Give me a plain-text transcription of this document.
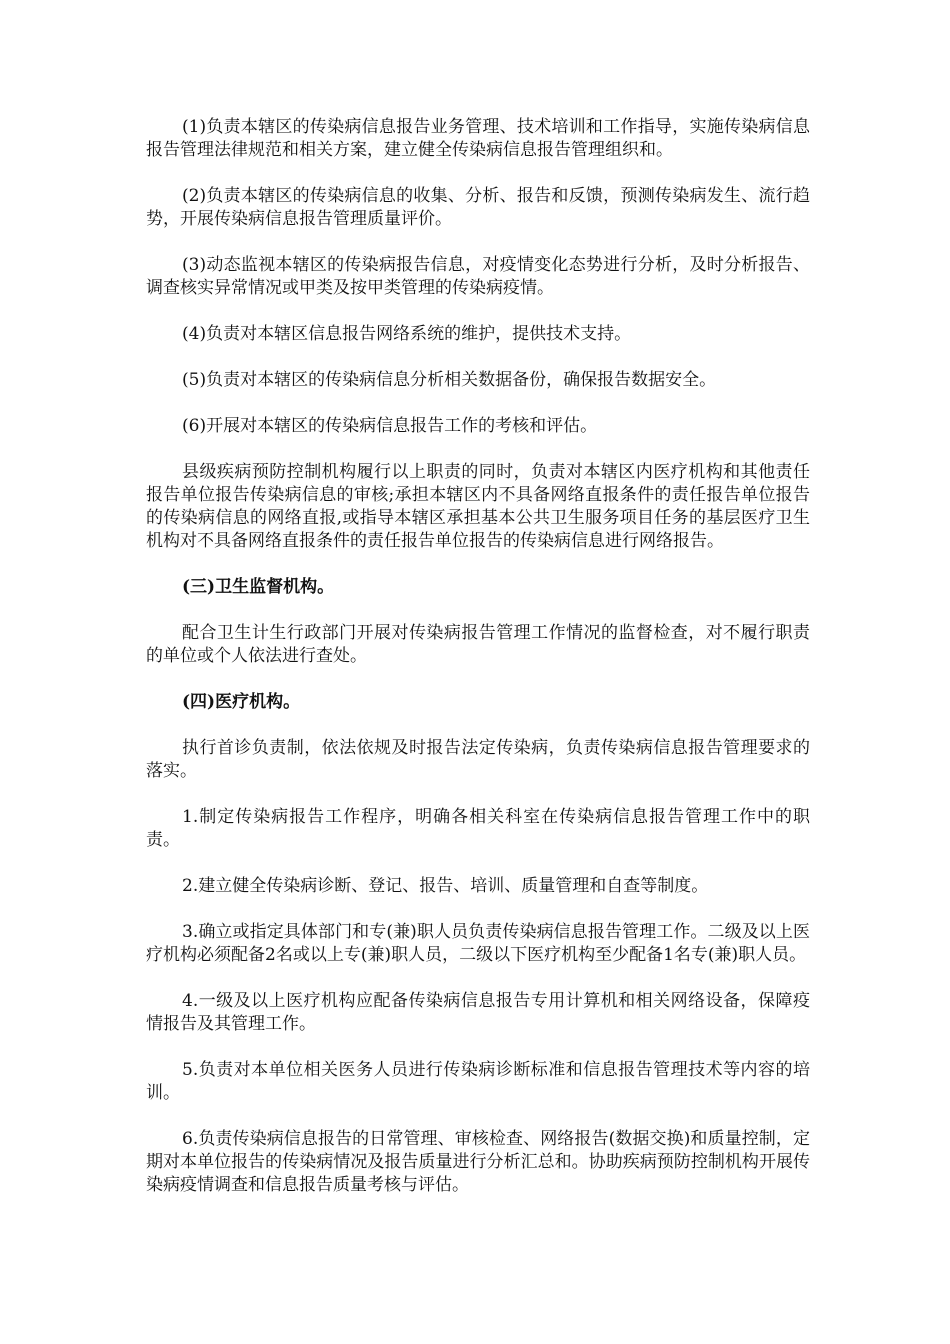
(1)负责本辖区的传染病信息报告业务管理、技术培训和工作指导，实施传染病信息报告管理法律规范和相关方案，建立健全传染病信息报告管理组织和。

(2)负责本辖区的传染病信息的收集、分析、报告和反馈，预测传染病发生、流行趋势，开展传染病信息报告管理质量评价。

(3)动态监视本辖区的传染病报告信息，对疫情变化态势进行分析，及时分析报告、调查核实异常情况或甲类及按甲类管理的传染病疫情。

(4)负责对本辖区信息报告网络系统的维护，提供技术支持。

(5)负责对本辖区的传染病信息分析相关数据备份，确保报告数据安全。

(6)开展对本辖区的传染病信息报告工作的考核和评估。

县级疾病预防控制机构履行以上职责的同时，负责对本辖区内医疗机构和其他责任报告单位报告传染病信息的审核;承担本辖区内不具备网络直报条件的责任报告单位报告的传染病信息的网络直报,或指导本辖区承担基本公共卫生服务项目任务的基层医疗卫生机构对不具备网络直报条件的责任报告单位报告的传染病信息进行网络报告。

(三)卫生监督机构。

配合卫生计生行政部门开展对传染病报告管理工作情况的监督检查，对不履行职责的单位或个人依法进行查处。

(四)医疗机构。

执行首诊负责制，依法依规及时报告法定传染病，负责传染病信息报告管理要求的落实。

1.制定传染病报告工作程序，明确各相关科室在传染病信息报告管理工作中的职责。

2.建立健全传染病诊断、登记、报告、培训、质量管理和自查等制度。

3.确立或指定具体部门和专(兼)职人员负责传染病信息报告管理工作。二级及以上医疗机构必须配备2名或以上专(兼)职人员，二级以下医疗机构至少配备1名专(兼)职人员。

4.一级及以上医疗机构应配备传染病信息报告专用计算机和相关网络设备，保障疫情报告及其管理工作。

5.负责对本单位相关医务人员进行传染病诊断标准和信息报告管理技术等内容的培训。

6.负责传染病信息报告的日常管理、审核检查、网络报告(数据交换)和质量控制，定期对本单位报告的传染病情况及报告质量进行分析汇总和。协助疾病预防控制机构开展传染病疫情调查和信息报告质量考核与评估。
